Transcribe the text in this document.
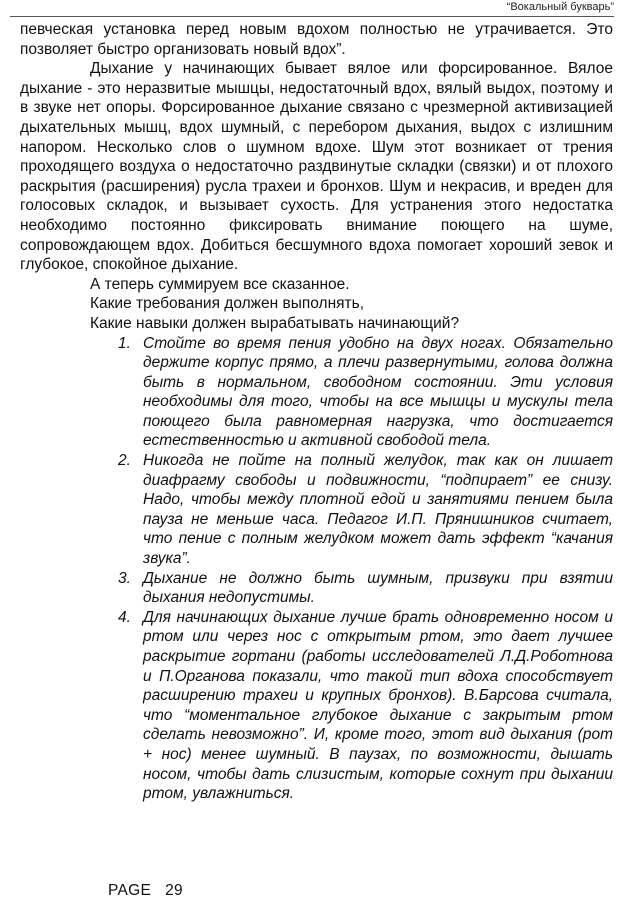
“Вокальный букварь”

певческая установка перед новым вдохом полностью не утрачивается. Это позволяет быстро организовать новый вдох”.

Дыхание у начинающих бывает вялое или форсированное. Вялое дыхание - это неразвитые мышцы, недостаточный вдох, вялый выдох, поэтому и в звуке нет опоры. Форсированное дыхание связано с чрезмерной активизацией дыхательных мышц, вдох шумный, с перебором дыхания, выдох с излишним напором. Несколько слов о шумном вдохе. Шум этот возникает от трения проходящего воздуха о недостаточно раздвинутые складки (связки) и от плохого раскрытия (расширения) русла трахеи и бронхов. Шум и некрасив, и вреден для голосовых складок, и вызывает сухость. Для устранения этого недостатка необходимо постоянно фиксировать внимание поющего на шуме, сопровождающем вдох. Добиться бесшумного вдоха помогает хороший зевок и глубокое, спокойное дыхание.

А теперь суммируем все сказанное.

Какие требования должен выполнять,

Какие навыки должен вырабатывать начинающий?

1. Стойте во время пения удобно на двух ногах. Обязательно держите корпус прямо, а плечи развернутыми, голова должна быть в нормальном, свободном состоянии. Эти условия необходимы для того, чтобы на все мышцы и мускулы тела поющего была равномерная нагрузка, что достигается естественностью и активной свободой тела.
2. Никогда не пойте на полный желудок, так как он лишает диафрагму свободы и подвижности, “подпирает” ее снизу. Надо, чтобы между плотной едой и занятиями пением была пауза не меньше часа. Педагог И.П. Прянишников считает, что пение с полным желудком может дать эффект “качания звука”.
3. Дыхание не должно быть шумным, призвуки при взятии дыхания недопустимы.
4. Для начинающих дыхание лучше брать одновременно носом и ртом или через нос с открытым ртом, это дает лучшее раскрытие гортани (работы исследователей Л.Д.Роботнова и П.Органова показали, что такой тип вдоха способствует расширению трахеи и крупных бронхов). В.Барсова считала, что “моментальное глубокое дыхание с закрытым ртом сделать невозможно”. И, кроме того, этот вид дыхания (рот + нос) менее шумный. В паузах, по возможности, дышать носом, чтобы дать слизистым, которые сохнут при дыхании ртом, увлажниться.
PAGE 29
